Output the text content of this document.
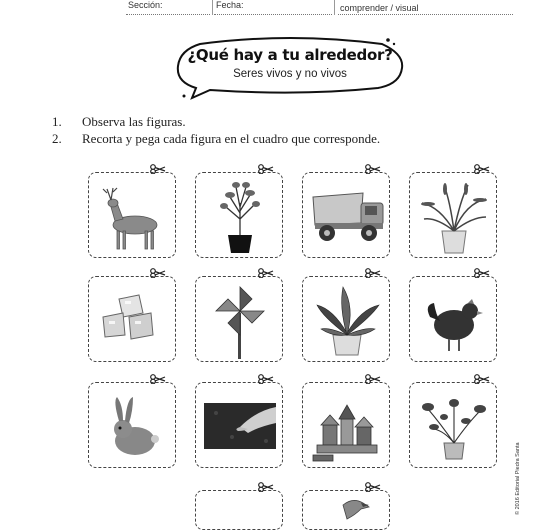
Sección:	Fecha:	comprender / visual
¿Qué hay a tu alrededor?
Seres vivos y no vivos
1. Observa las figuras.
2. Recorta y pega cada figura en el cuadro que corresponde.
© 2016 Editorial Piedra Santa
